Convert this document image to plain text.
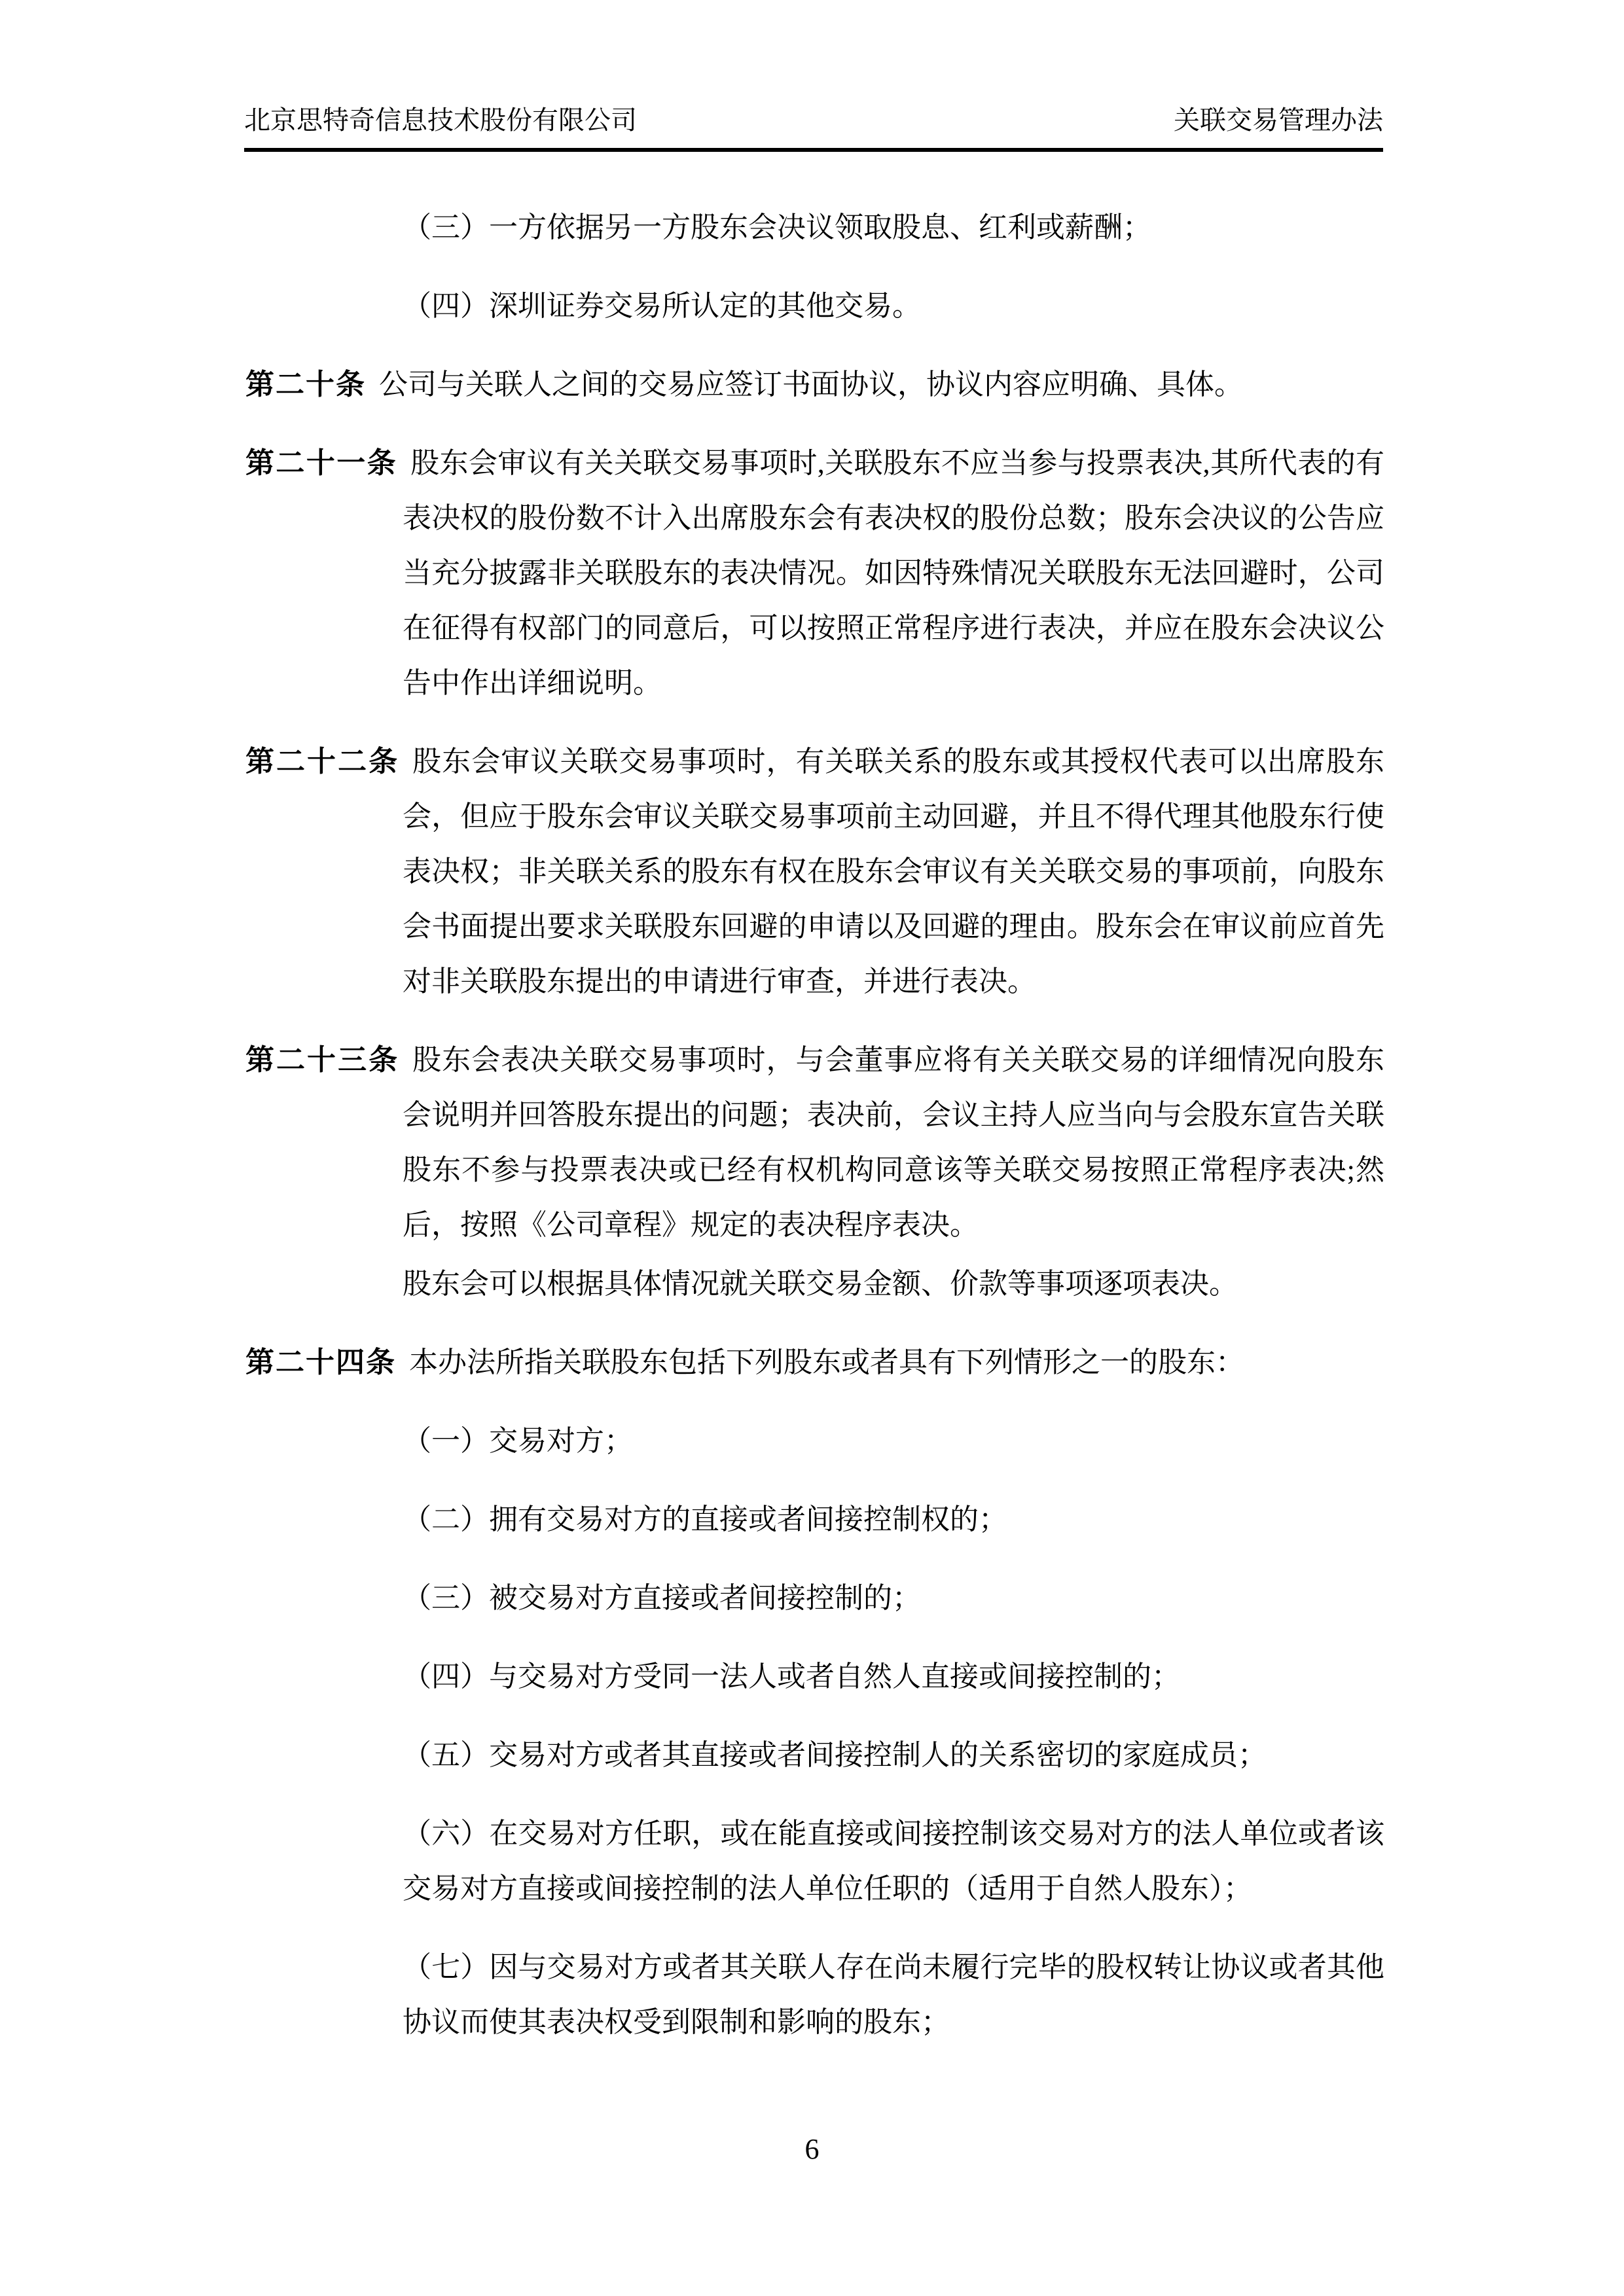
北京思特奇信息技术股份有限公司	关联交易管理办法

（三）一方依据另一方股东会决议领取股息、红利或薪酬；

（四）深圳证券交易所认定的其他交易。

第二十条 公司与关联人之间的交易应签订书面协议，协议内容应明确、具体。

第二十一条 股东会审议有关关联交易事项时,关联股东不应当参与投票表决,其所代表的有表决权的股份数不计入出席股东会有表决权的股份总数；股东会决议的公告应当充分披露非关联股东的表决情况。如因特殊情况关联股东无法回避时，公司在征得有权部门的同意后，可以按照正常程序进行表决，并应在股东会决议公告中作出详细说明。

第二十二条 股东会审议关联交易事项时，有关联关系的股东或其授权代表可以出席股东会，但应于股东会审议关联交易事项前主动回避，并且不得代理其他股东行使表决权；非关联关系的股东有权在股东会审议有关关联交易的事项前，向股东会书面提出要求关联股东回避的申请以及回避的理由。股东会在审议前应首先对非关联股东提出的申请进行审查，并进行表决。

第二十三条 股东会表决关联交易事项时，与会董事应将有关关联交易的详细情况向股东会说明并回答股东提出的问题；表决前，会议主持人应当向与会股东宣告关联股东不参与投票表决或已经有权机构同意该等关联交易按照正常程序表决;然后，按照《公司章程》规定的表决程序表决。

股东会可以根据具体情况就关联交易金额、价款等事项逐项表决。

第二十四条 本办法所指关联股东包括下列股东或者具有下列情形之一的股东：

（一）交易对方；

（二）拥有交易对方的直接或者间接控制权的；

（三）被交易对方直接或者间接控制的；

（四）与交易对方受同一法人或者自然人直接或间接控制的；

（五）交易对方或者其直接或者间接控制人的关系密切的家庭成员；

（六）在交易对方任职，或在能直接或间接控制该交易对方的法人单位或者该交易对方直接或间接控制的法人单位任职的（适用于自然人股东）；

（七）因与交易对方或者其关联人存在尚未履行完毕的股权转让协议或者其他协议而使其表决权受到限制和影响的股东；

6
